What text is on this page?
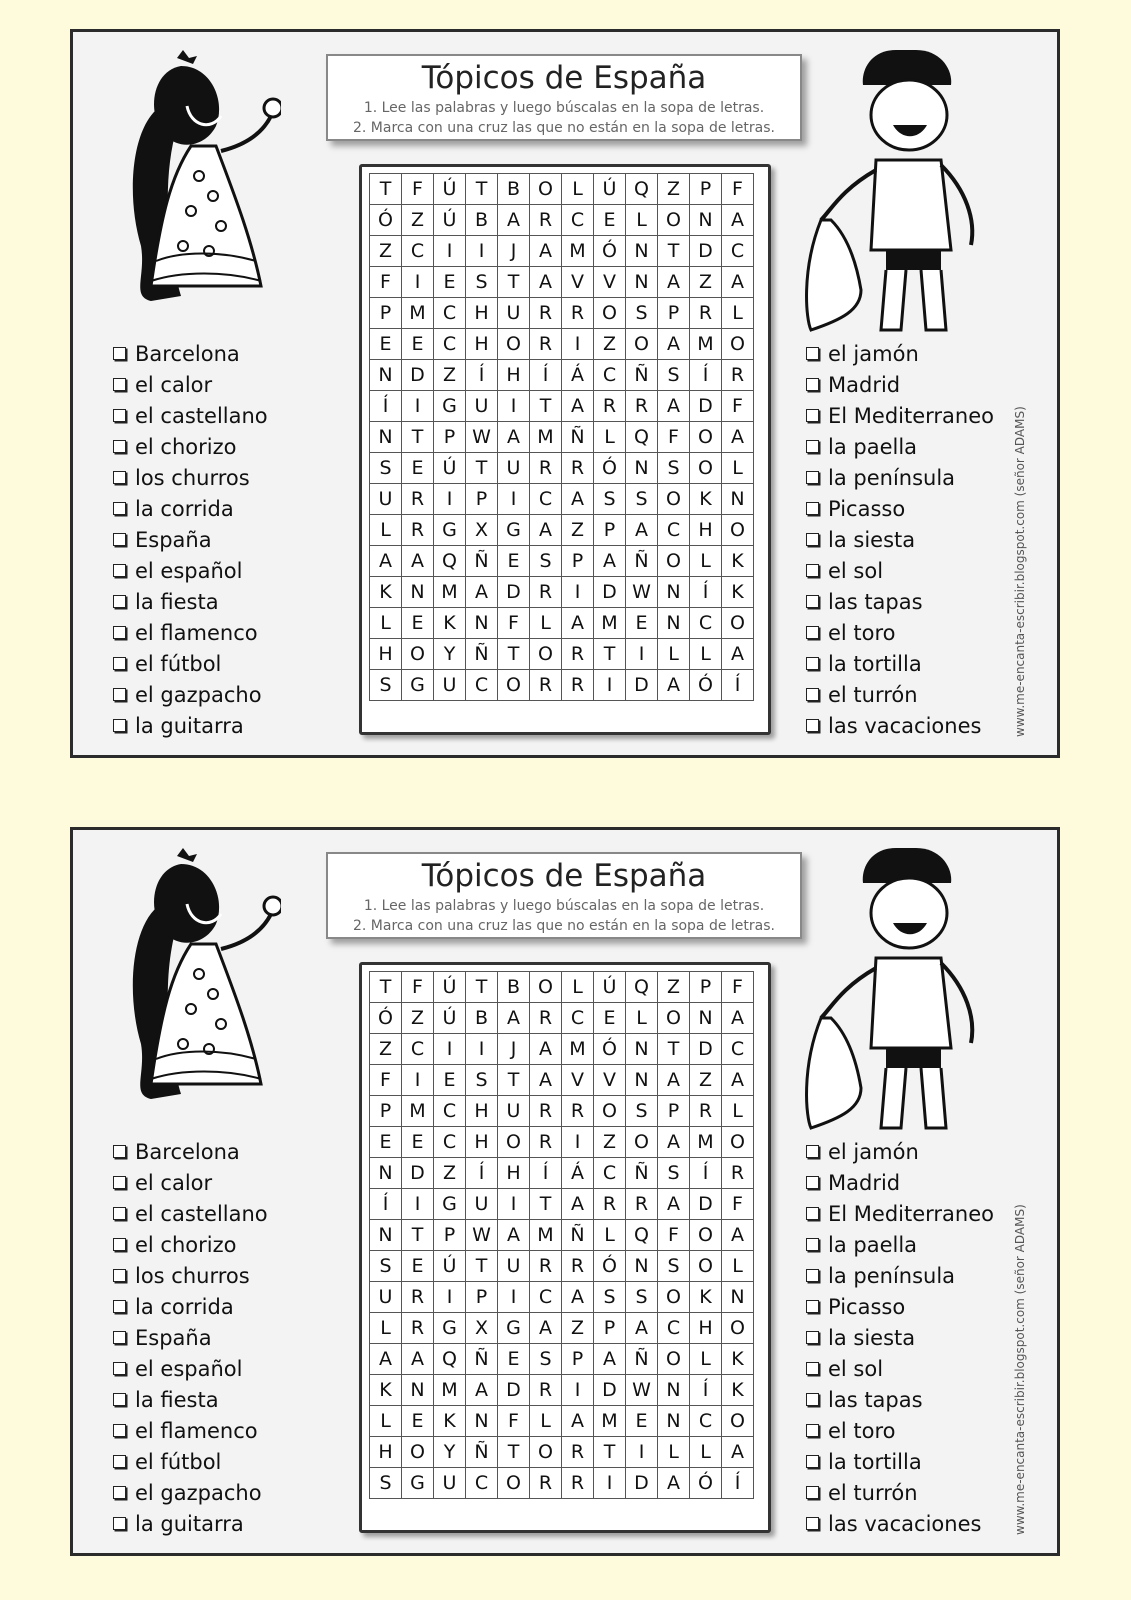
Tópicos de España
1. Lee las palabras y luego búscalas en la sopa de letras.
2. Marca con una cruz las que no están en la sopa de letras.
T	F	Ú	T	B	O	L	Ú	Q	Z	P	F
Ó	Z	Ú	B	A	R	C	E	L	O	N	A
Z	C	I	I	J	A	M	Ó	N	T	D	C
F	I	E	S	T	A	V	V	N	A	Z	A
P	M	C	H	U	R	R	O	S	P	R	L
E	E	C	H	O	R	I	Z	O	A	M	O
N	D	Z	Í	H	Í	Á	C	Ñ	S	Í	R
Í	I	G	U	I	T	A	R	R	A	D	F
N	T	P	W	A	M	Ñ	L	Q	F	O	A
S	E	Ú	T	U	R	R	Ó	N	S	O	L
U	R	I	P	I	C	A	S	S	O	K	N
L	R	G	X	G	A	Z	P	A	C	H	O
A	A	Q	Ñ	E	S	P	A	Ñ	O	L	K
K	N	M	A	D	R	I	D	W	N	Í	K
L	E	K	N	F	L	A	M	E	N	C	O
H	O	Y	Ñ	T	O	R	T	I	L	L	A
S	G	U	C	O	R	R	I	D	A	Ó	Í
Barcelona
el calor
el castellano
el chorizo
los churros
la corrida
España
el español
la fiesta
el flamenco
el fútbol
el gazpacho
la guitarra
el jamón
Madrid
El Mediterraneo
la paella
la península
Picasso
la siesta
el sol
las tapas
el toro
la tortilla
el turrón
las vacaciones	www.me-encanta-escribir.blogspot.com (señor ADAMS)
Tópicos de España
1. Lee las palabras y luego búscalas en la sopa de letras.
2. Marca con una cruz las que no están en la sopa de letras.
T	F	Ú	T	B	O	L	Ú	Q	Z	P	F
Ó	Z	Ú	B	A	R	C	E	L	O	N	A
Z	C	I	I	J	A	M	Ó	N	T	D	C
F	I	E	S	T	A	V	V	N	A	Z	A
P	M	C	H	U	R	R	O	S	P	R	L
E	E	C	H	O	R	I	Z	O	A	M	O
N	D	Z	Í	H	Í	Á	C	Ñ	S	Í	R
Í	I	G	U	I	T	A	R	R	A	D	F
N	T	P	W	A	M	Ñ	L	Q	F	O	A
S	E	Ú	T	U	R	R	Ó	N	S	O	L
U	R	I	P	I	C	A	S	S	O	K	N
L	R	G	X	G	A	Z	P	A	C	H	O
A	A	Q	Ñ	E	S	P	A	Ñ	O	L	K
K	N	M	A	D	R	I	D	W	N	Í	K
L	E	K	N	F	L	A	M	E	N	C	O
H	O	Y	Ñ	T	O	R	T	I	L	L	A
S	G	U	C	O	R	R	I	D	A	Ó	Í
Barcelona
el calor
el castellano
el chorizo
los churros
la corrida
España
el español
la fiesta
el flamenco
el fútbol
el gazpacho
la guitarra
el jamón
Madrid
El Mediterraneo
la paella
la península
Picasso
la siesta
el sol
las tapas
el toro
la tortilla
el turrón
las vacaciones	www.me-encanta-escribir.blogspot.com (señor ADAMS)
